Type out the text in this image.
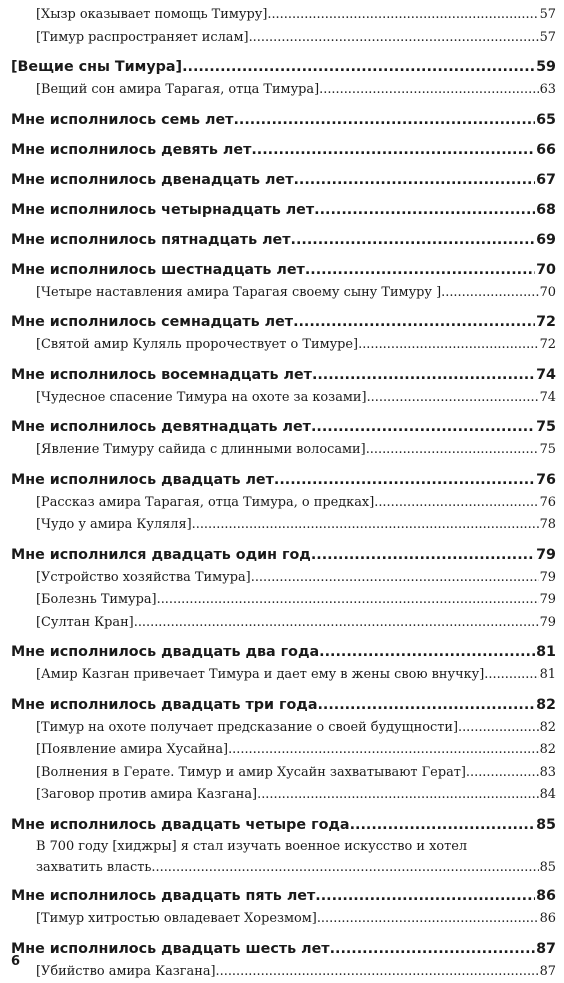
[Хызр оказывает помощь Тимуру] .....	57
[Тимур распространяет ислам] .....	57
[Вещие сны Тимура] .....	59
[Вещий сон амира Тарагая, отца Тимура] .....	63
Мне исполнилось семь лет .....	65
Мне исполнилось девять лет .....	66
Мне исполнилось двенадцать лет .....	67
Мне исполнилось четырнадцать лет .....	68
Мне исполнилось пятнадцать лет .....	69
Мне исполнилось шестнадцать лет .....	70
[Четыре наставления амира Тарагая своему сыну Тимуру ] .....	70
Мне исполнилось семнадцать лет .....	72
[Святой амир Куляль пророчествует о Тимуре] .....	72
Мне исполнилось восемнадцать лет .....	74
[Чудесное спасение Тимура на охоте за козами] .....	74
Мне исполнилось девятнадцать лет .....	75
[Явление Тимуру сайида с длинными волосами] .....	75
Мне исполнилось двадцать лет .....	76
[Рассказ амира Тарагая, отца Тимура, о предках] .....	76
[Чудо у амира Куляля] .....	78
Мне исполнился двадцать один год .....	79
[Устройство хозяйства Тимура] .....	79
[Болезнь Тимура] .....	79
[Султан Кран] .....	79
Мне исполнилось двадцать два года .....	81
[Амир Казган привечает Тимура и дает ему в жены свою внучку] .....	81
Мне исполнилось двадцать три года .....	82
[Тимур на охоте получает предсказание о своей будущности] .....	82
[Появление амира Хусайна] .....	82
[Волнения в Герате. Тимур и амир Хусайн захватывают Герат] .....	83
[Заговор против амира Казгана] .....	84
Мне исполнилось двадцать четыре года .....	85
В 700 году [хиджры] я стал изучать военное искусство и хотел
захватить власть .....	85
Мне исполнилось двадцать пять лет .....	86
[Тимур хитростью овладевает Хорезмом] .....	86
Мне исполнилось двадцать шесть лет .....	87
[Убийство амира Казгана] .....	87
6
